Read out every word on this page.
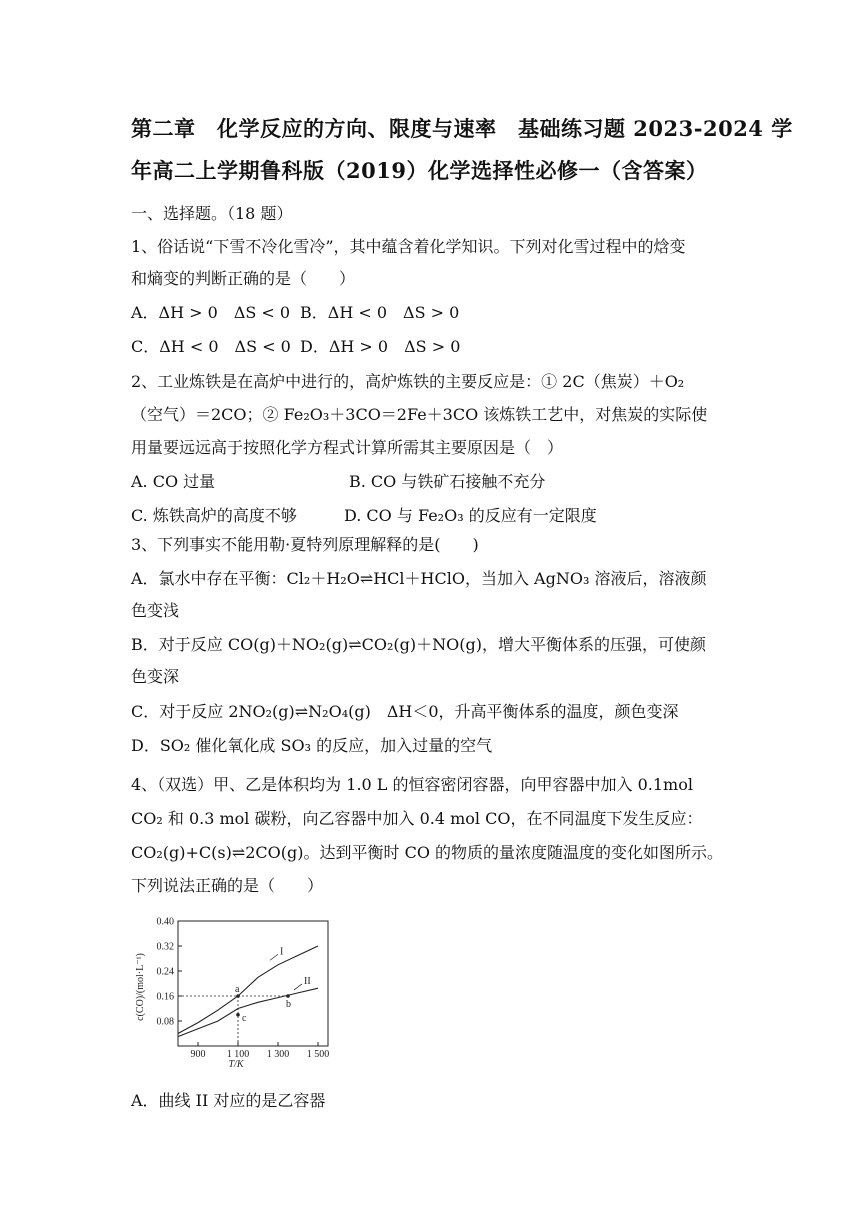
第二章　化学反应的方向、限度与速率　基础练习题 2023-2024 学
年高二上学期鲁科版（2019）化学选择性必修一（含答案）
一、选择题。（18 题）
1、俗话说“下雪不冷化雪冷”，其中蕴含着化学知识。下列对化雪过程中的焓变
和熵变的判断正确的是（　　）
A．ΔH > 0　ΔS < 0 B．ΔH < 0　ΔS > 0
C．ΔH < 0　ΔS < 0 D．ΔH > 0　ΔS > 0
2、工业炼铁是在高炉中进行的，高炉炼铁的主要反应是：① 2C（焦炭）＋O₂
（空气）＝2CO；② Fe₂O₃＋3CO＝2Fe＋3CO 该炼铁工艺中，对焦炭的实际使
用量要远远高于按照化学方程式计算所需其主要原因是（　）
A. CO 过量	B. CO 与铁矿石接触不充分
C. 炼铁高炉的高度不够	D. CO 与 Fe₂O₃ 的反应有一定限度
3、下列事实不能用勒·夏特列原理解释的是(　　)
A．氯水中存在平衡：Cl₂＋H₂O⇌HCl＋HClO，当加入 AgNO₃ 溶液后，溶液颜
色变浅
B．对于反应 CO(g)＋NO₂(g)⇌CO₂(g)＋NO(g)，增大平衡体系的压强，可使颜
色变深
C．对于反应 2NO₂(g)⇌N₂O₄(g)　ΔH＜0，升高平衡体系的温度，颜色变深
D．SO₂ 催化氧化成 SO₃ 的反应，加入过量的空气
4、（双选）甲、乙是体积均为 1.0 L 的恒容密闭容器，向甲容器中加入 0.1mol
CO₂ 和 0.3 mol 碳粉，向乙容器中加入 0.4 mol CO，在不同温度下发生反应：
CO₂(g)+C(s)⇌2CO(g)。达到平衡时 CO 的物质的量浓度随温度的变化如图所示。
下列说法正确的是（　　）
0.08
0.16
0.24
0.32
0.40
900 1 100 1 300 1 500
I
II
a
b
c
c(CO)/(mol·L⁻¹)
T/K
A．曲线 II 对应的是乙容器
